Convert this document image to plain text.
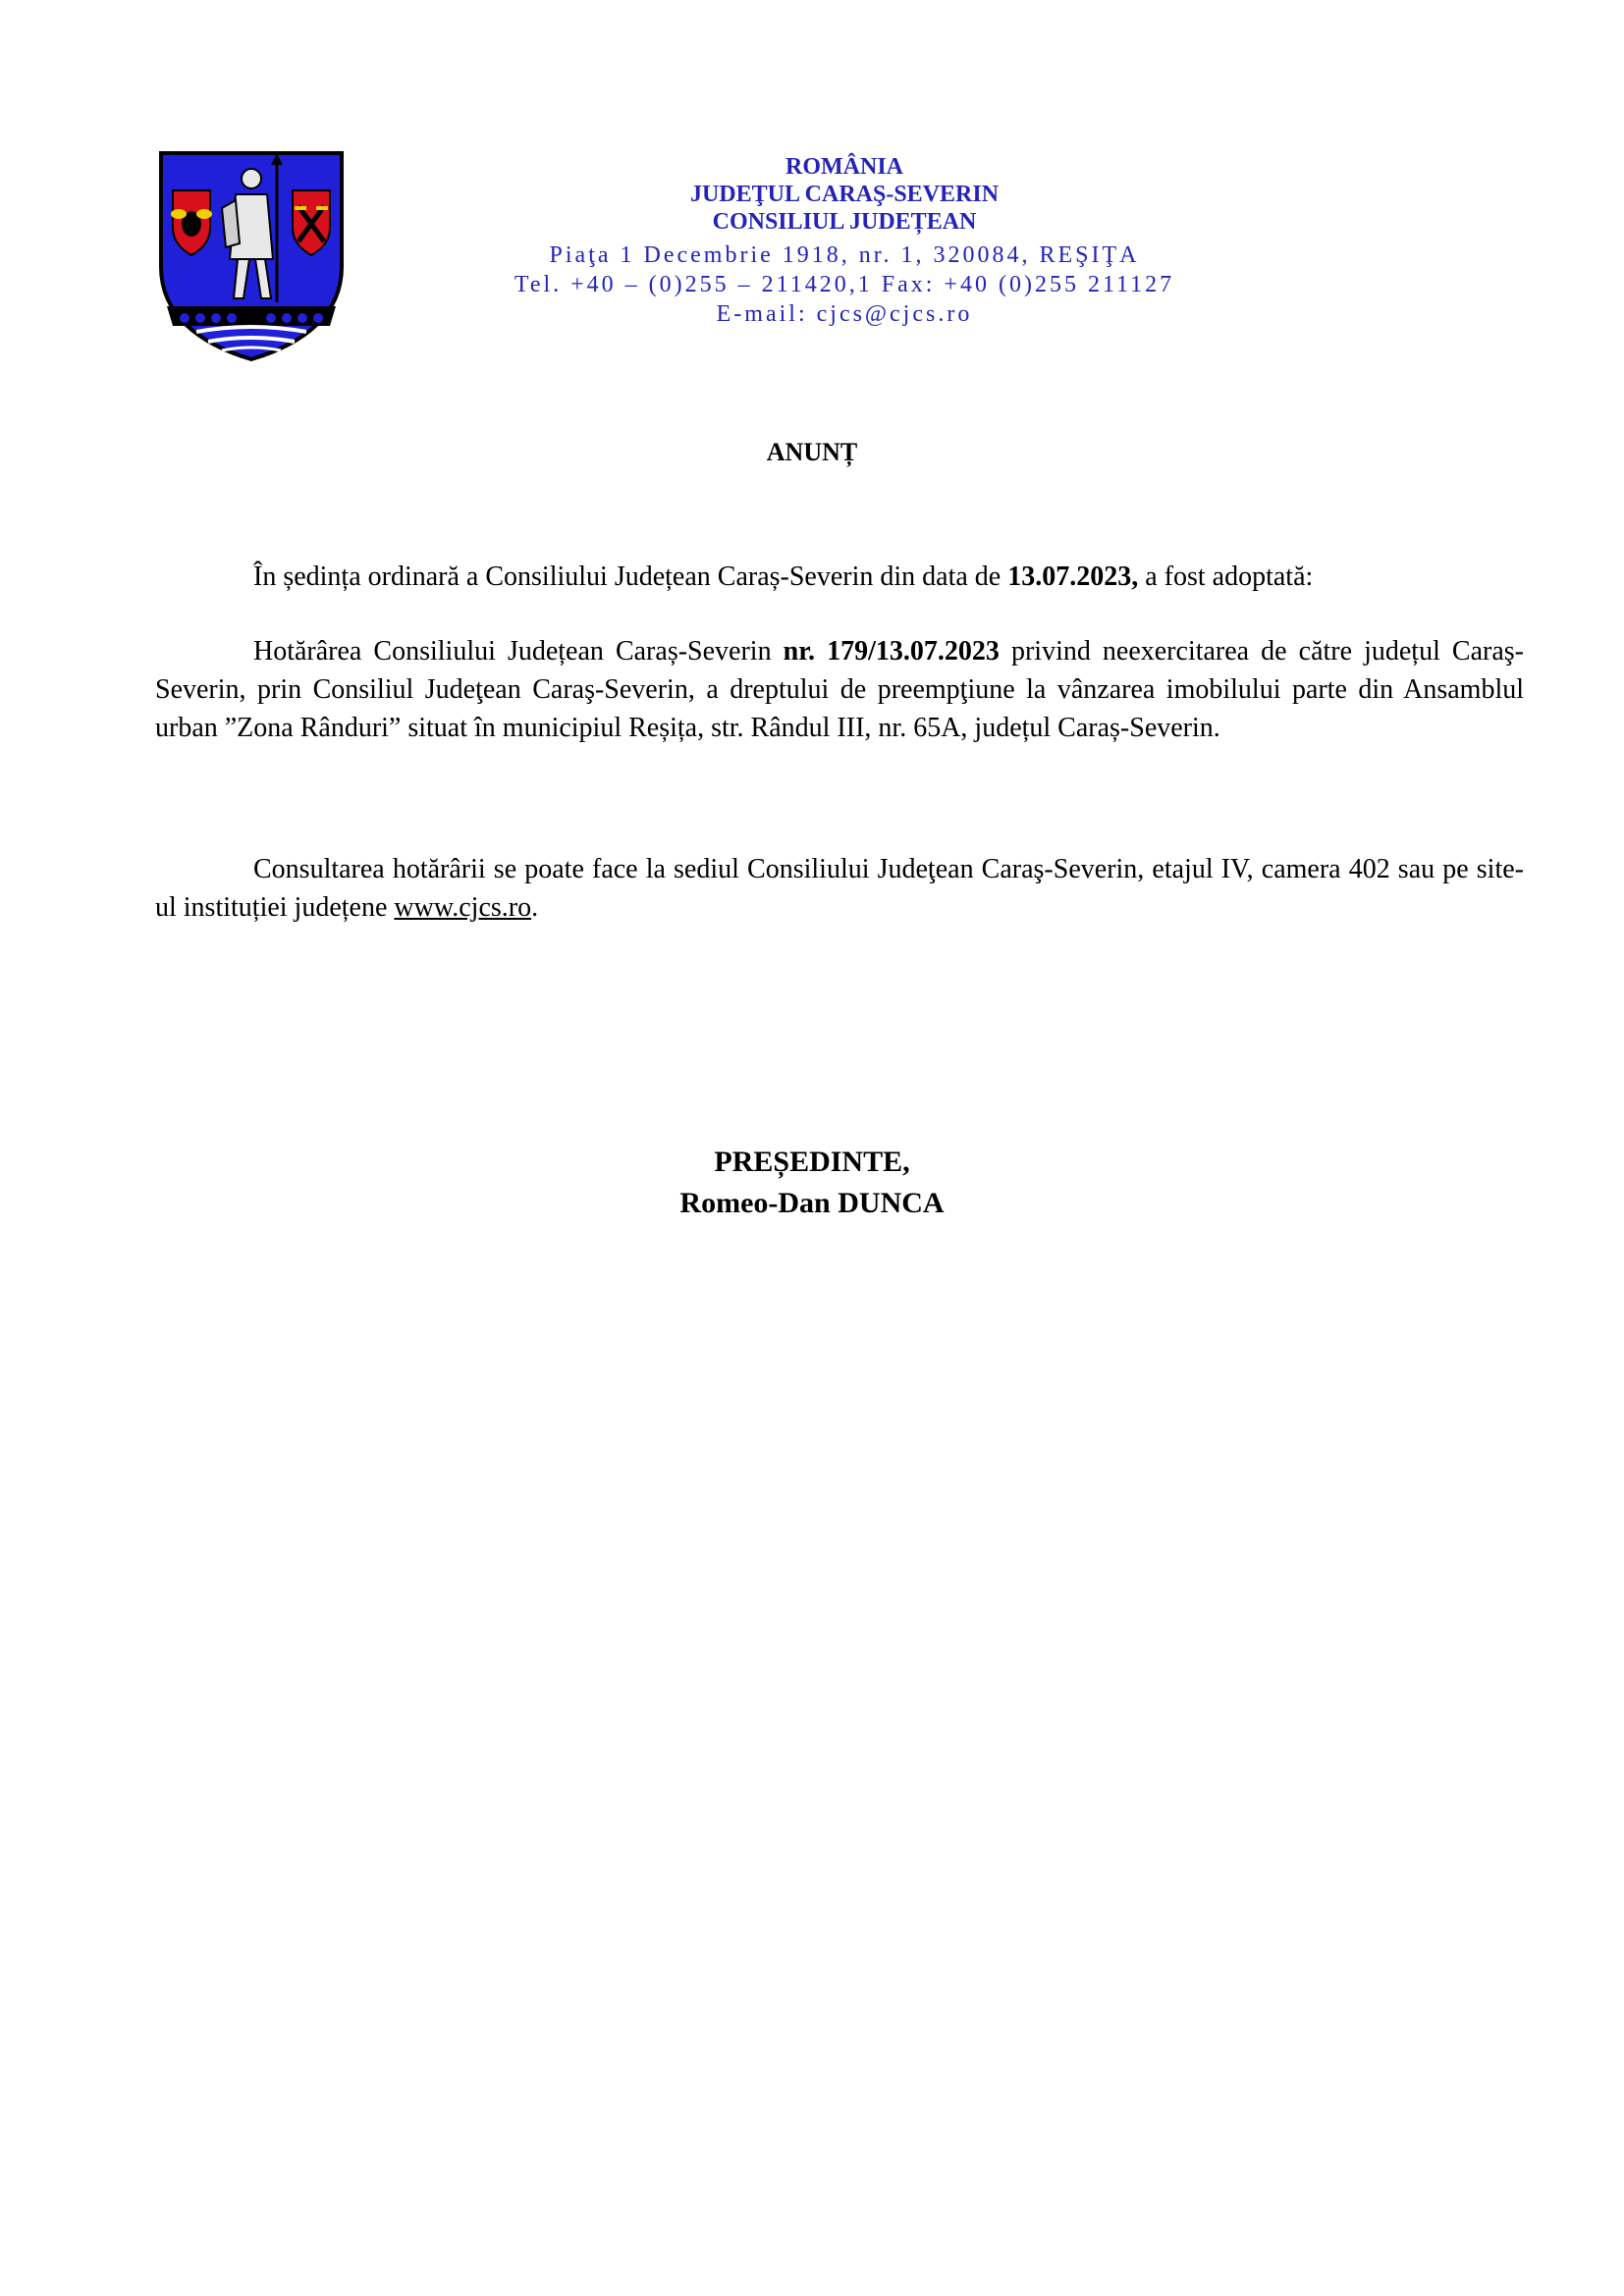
ROMÂNIA
JUDEŢUL CARAŞ-SEVERIN
CONSILIUL JUDEȚEAN
Piaţa 1 Decembrie 1918, nr. 1, 320084, REŞIŢA
Tel. +40 – (0)255 – 211420,1 Fax: +40 (0)255 211127
E-mail: cjcs@cjcs.ro
ANUNȚ

În ședința ordinară a Consiliului Județean Caraș-Severin din data de 13.07.2023, a fost adoptată:

Hotărârea Consiliului Județean Caraș-Severin nr. 179/13.07.2023 privind neexercitarea de către județul Caraş-Severin, prin Consiliul Judeţean Caraş-Severin, a dreptului de preempţiune la vânzarea imobilului parte din Ansamblul urban ”Zona Rânduri” situat în municipiul Reșița, str. Rândul III, nr. 65A, județul Caraș-Severin.

Consultarea hotărârii se poate face la sediul Consiliului Judeţean Caraş-Severin, etajul IV, camera 402 sau pe site-ul instituției județene www.cjcs.ro.

PREȘEDINTE,
Romeo-Dan DUNCA
